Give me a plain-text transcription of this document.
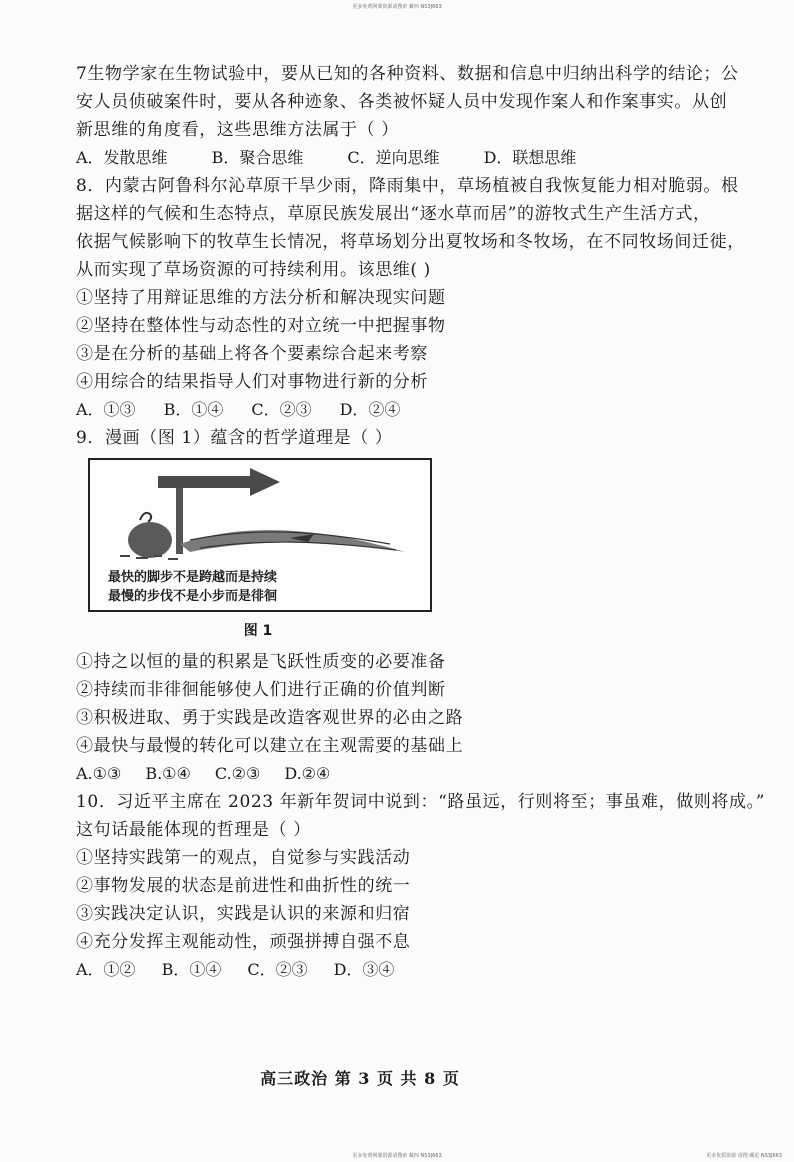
更多免费网课资源请搜索 藏西 NS3J663
7生物学家在生物试验中，要从已知的各种资料、数据和信息中归纳出科学的结论；公
安人员侦破案件时，要从各种迹象、各类被怀疑人员中发现作案人和作案事实。从创
新思维的角度看，这些思维方法属于（ ）
A．发散思维	B．聚合思维	C．逆向思维	D．联想思维
8．内蒙古阿鲁科尔沁草原干旱少雨，降雨集中，草场植被自我恢复能力相对脆弱。根
据这样的气候和生态特点，草原民族发展出“逐水草而居”的游牧式生产生活方式，
依据气候影响下的牧草生长情况，将草场划分出夏牧场和冬牧场，在不同牧场间迁徙，
从而实现了草场资源的可持续利用。该思维( )
①坚持了用辩证思维的方法分析和解决现实问题
②坚持在整体性与动态性的对立统一中把握事物
③是在分析的基础上将各个要素综合起来考察
④用综合的结果指导人们对事物进行新的分析
A．①③ B．①④ C．②③ D．②④
9．漫画（图 1）蕴含的哲学道理是（ ）
最快的脚步不是跨越而是持续
最慢的步伐不是小步而是徘徊
图 1
①持之以恒的量的积累是飞跃性质变的必要准备
②持续而非徘徊能够使人们进行正确的价值判断
③积极进取、勇于实践是改造客观世界的必由之路
④最快与最慢的转化可以建立在主观需要的基础上
A.①③ B.①④ C.②③ D.②④
10．习近平主席在 2023 年新年贺词中说到：“路虽远，行则将至；事虽难，做则将成。”
这句话最能体现的哲理是（ ）
①坚持实践第一的观点，自觉参与实践活动
②事物发展的状态是前进性和曲折性的统一
③实践决定认识，实践是认识的来源和归宿
④充分发挥主观能动性，顽强拼搏自强不息
A．①② B．①④ C．②③ D．③④
高三政治 第 3 页 共 8 页
更多免费网课资源请搜索 藏西 NS3J663	更多优质资源 请搜 藏星 NS3J663
